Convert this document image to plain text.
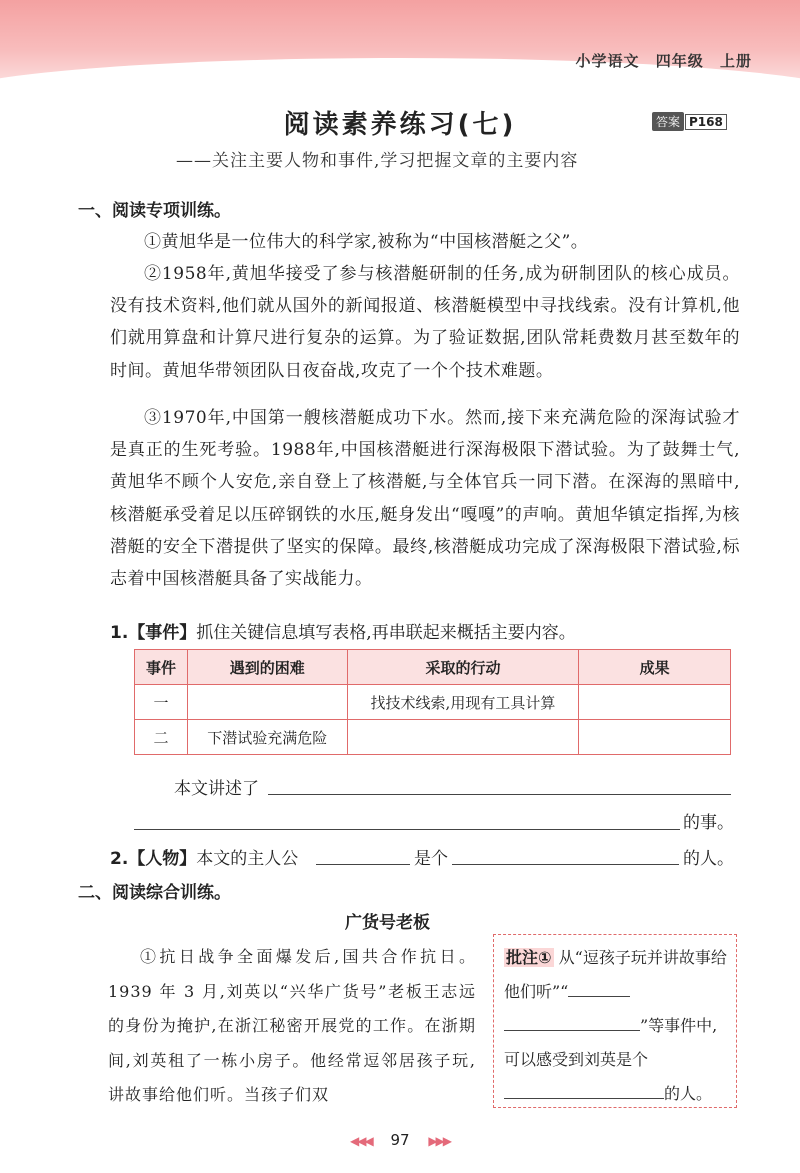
小学语文 四年级 上册
阅读素养练习(七)	答案 P168
——关注主要人物和事件,学习把握文章的主要内容
一、阅读专项训练。

①黄旭华是一位伟大的科学家,被称为“中国核潜艇之父”。

②1958年,黄旭华接受了参与核潜艇研制的任务,成为研制团队的核心成员。没有技术资料,他们就从国外的新闻报道、核潜艇模型中寻找线索。没有计算机,他们就用算盘和计算尺进行复杂的运算。为了验证数据,团队常耗费数月甚至数年的时间。黄旭华带领团队日夜奋战,攻克了一个个技术难题。

③1970年,中国第一艘核潜艇成功下水。然而,接下来充满危险的深海试验才是真正的生死考验。1988年,中国核潜艇进行深海极限下潜试验。为了鼓舞士气,黄旭华不顾个人安危,亲自登上了核潜艇,与全体官兵一同下潜。在深海的黑暗中,核潜艇承受着足以压碎钢铁的水压,艇身发出“嘎嘎”的声响。黄旭华镇定指挥,为核潜艇的安全下潜提供了坚实的保障。最终,核潜艇成功完成了深海极限下潜试验,标志着中国核潜艇具备了实战能力。

1.【事件】抓住关键信息填写表格,再串联起来概括主要内容。
事件	遇到的困难	采取的行动	成果
一		找技术线索,用现有工具计算	
二	下潜试验充满危险		
本文讲述了
的事。
2.【人物】本文的主人公	是个	的人。
二、阅读综合训练。
广货号老板

①抗日战争全面爆发后,国共合作抗日。1939 年 3 月,刘英以“兴华广货号”老板王志远的身份为掩护,在浙江秘密开展党的工作。在浙期间,刘英租了一栋小房子。他经常逗邻居孩子玩,讲故事给他们听。当孩子们双

批注① 从“逗孩子玩并讲故事给他们听”“
”等事件中,可以感受到刘英是个
的人。
◀◀◀ 97 ▶▶▶
